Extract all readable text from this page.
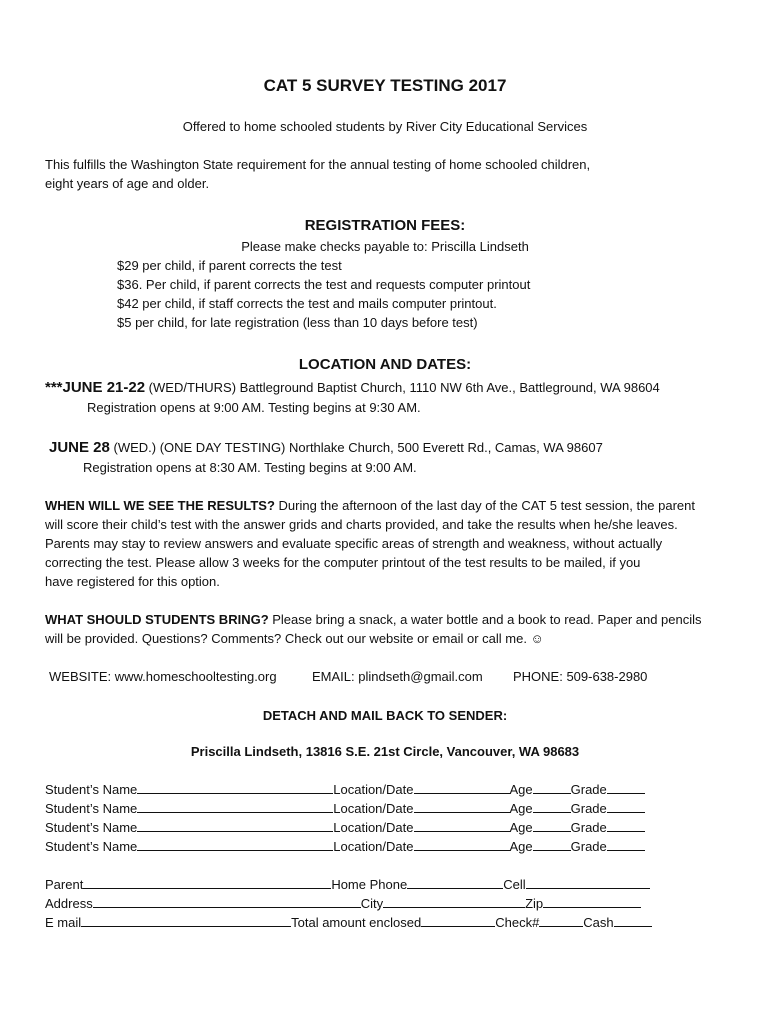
CAT 5 SURVEY TESTING 2017
Offered to home schooled students by River City Educational Services
This fulfills the Washington State requirement for the annual testing of home schooled children,
eight years of age and older.
REGISTRATION FEES:
Please make checks payable to: Priscilla Lindseth
$29 per child, if parent corrects the test
$36. Per child, if parent corrects the test and requests computer printout
$42 per child, if staff corrects the test and mails computer printout.
$5 per child, for late registration (less than 10 days before test)
LOCATION AND DATES:
***JUNE 21-22 (WED/THURS) Battleground Baptist Church, 1110 NW 6th Ave., Battleground, WA 98604
Registration opens at 9:00 AM. Testing begins at 9:30 AM.
JUNE 28 (WED.) (ONE DAY TESTING) Northlake Church, 500 Everett Rd., Camas, WA 98607
Registration opens at 8:30 AM. Testing begins at 9:00 AM.
WHEN WILL WE SEE THE RESULTS? During the afternoon of the last day of the CAT 5 test session, the parent
will score their child’s test with the answer grids and charts provided, and take the results when he/she leaves.
Parents may stay to review answers and evaluate specific areas of strength and weakness, without actually
correcting the test. Please allow 3 weeks for the computer printout of the test results to be mailed, if you
have registered for this option.
WHAT SHOULD STUDENTS BRING? Please bring a snack, a water bottle and a book to read. Paper and pencils
will be provided. Questions? Comments? Check out our website or email or call me. ☺
WEBSITE: www.homeschooltesting.org	EMAIL: plindseth@gmail.com PHONE: 509-638-2980
DETACH AND MAIL BACK TO SENDER:
Priscilla Lindseth, 13816 S.E. 21st Circle, Vancouver, WA 98683
Student’s Name	Location/Date	Age	Grade
Student’s Name	Location/Date	Age	Grade
Student’s Name	Location/Date	Age	Grade
Student’s Name	Location/Date	Age	Grade
Parent	Home Phone	Cell
Address	City	Zip
E mail	Total amount enclosed	Check#	Cash
